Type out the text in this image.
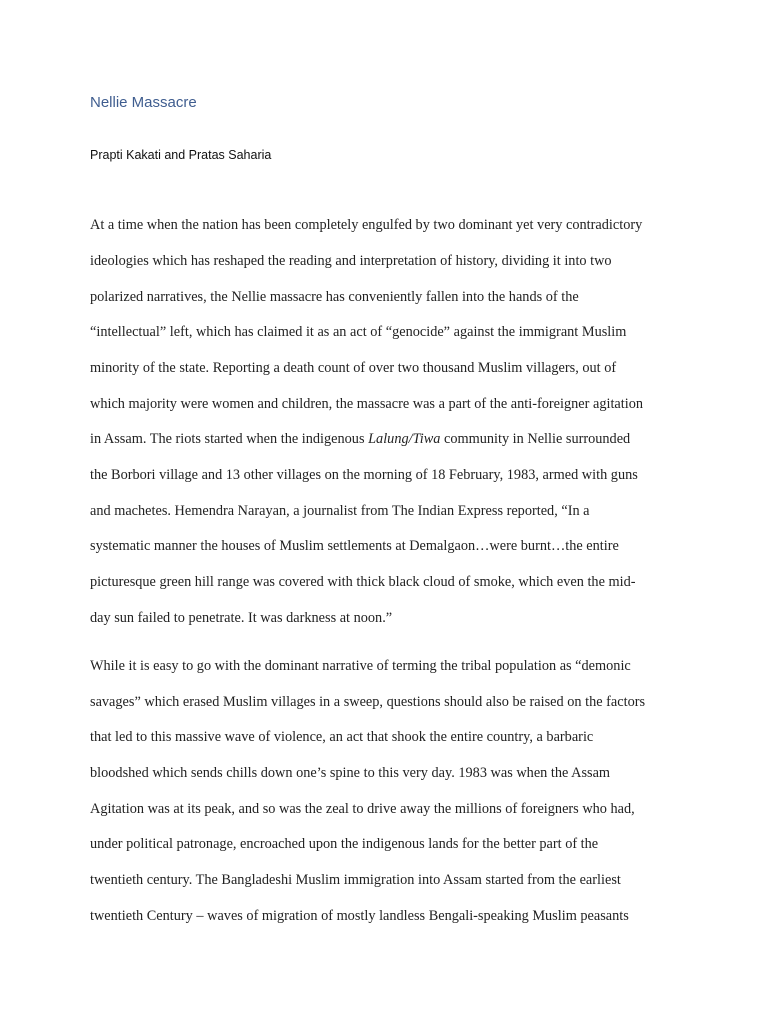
Nellie Massacre
Prapti Kakati and Pratas Saharia
At a time when the nation has been completely engulfed by two dominant yet very contradictory
ideologies which has reshaped the reading and interpretation of history, dividing it into two
polarized narratives, the Nellie massacre has conveniently fallen into the hands of the
“intellectual” left, which has claimed it as an act of “genocide” against the immigrant Muslim
minority of the state. Reporting a death count of over two thousand Muslim villagers, out of
which majority were women and children, the massacre was a part of the anti-foreigner agitation
in Assam. The riots started when the indigenous Lalung/Tiwa community in Nellie surrounded
the Borbori village and 13 other villages on the morning of 18 February, 1983, armed with guns
and machetes. Hemendra Narayan, a journalist from The Indian Express reported, “In a
systematic manner the houses of Muslim settlements at Demalgaon…were burnt…the entire
picturesque green hill range was covered with thick black cloud of smoke, which even the mid-
day sun failed to penetrate. It was darkness at noon.”
While it is easy to go with the dominant narrative of terming the tribal population as “demonic
savages” which erased Muslim villages in a sweep, questions should also be raised on the factors
that led to this massive wave of violence, an act that shook the entire country, a barbaric
bloodshed which sends chills down one’s spine to this very day. 1983 was when the Assam
Agitation was at its peak, and so was the zeal to drive away the millions of foreigners who had,
under political patronage, encroached upon the indigenous lands for the better part of the
twentieth century. The Bangladeshi Muslim immigration into Assam started from the earliest
twentieth Century – waves of migration of mostly landless Bengali-speaking Muslim peasants
